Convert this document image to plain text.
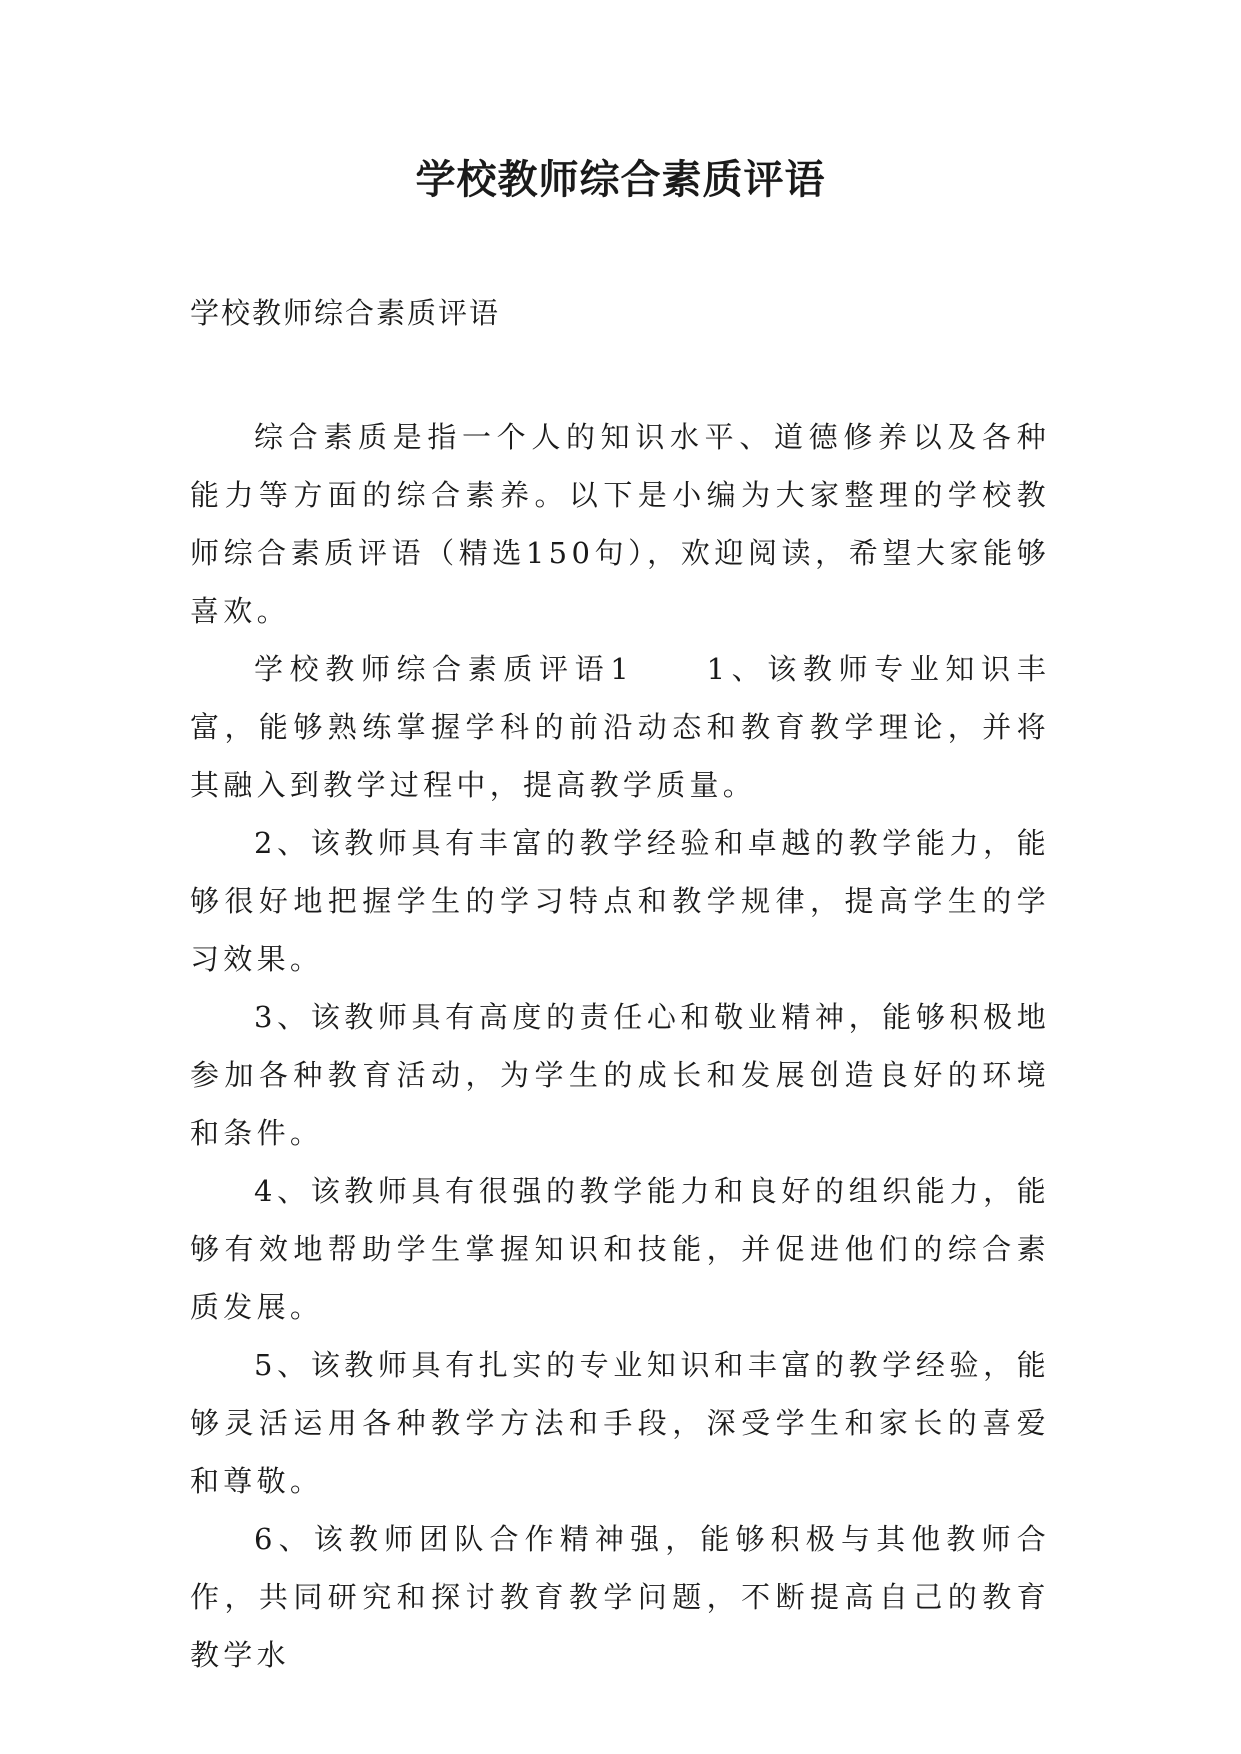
学校教师综合素质评语

学校教师综合素质评语

综合素质是指一个人的知识水平、道德修养以及各种能力等方面的综合素养。以下是小编为大家整理的学校教师综合素质评语（精选150句），欢迎阅读，希望大家能够喜欢。

学校教师综合素质评语1　　1、该教师专业知识丰富，能够熟练掌握学科的前沿动态和教育教学理论，并将其融入到教学过程中，提高教学质量。

2、该教师具有丰富的教学经验和卓越的教学能力，能够很好地把握学生的学习特点和教学规律，提高学生的学习效果。

3、该教师具有高度的责任心和敬业精神，能够积极地参加各种教育活动，为学生的成长和发展创造良好的环境和条件。

4、该教师具有很强的教学能力和良好的组织能力，能够有效地帮助学生掌握知识和技能，并促进他们的综合素质发展。

5、该教师具有扎实的专业知识和丰富的教学经验，能够灵活运用各种教学方法和手段，深受学生和家长的喜爱和尊敬。

6、该教师团队合作精神强，能够积极与其他教师合作，共同研究和探讨教育教学问题，不断提高自己的教育教学水
